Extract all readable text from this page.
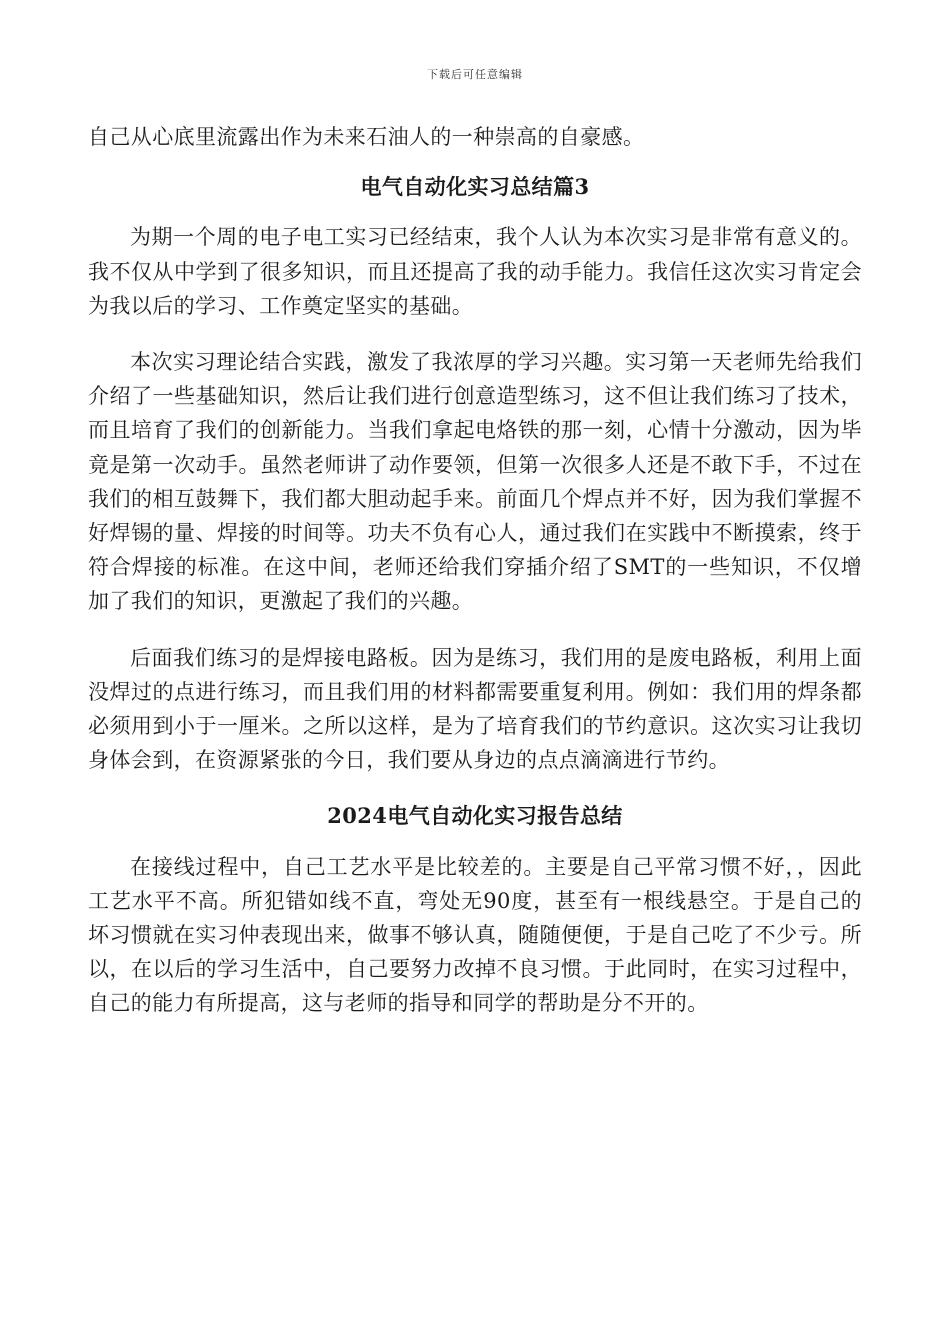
下载后可任意编辑

自己从心底里流露出作为未来石油人的一种崇高的自豪感。

电气自动化实习总结篇3

为期一个周的电子电工实习已经结束，我个人认为本次实习是非常有意义的。我不仅从中学到了很多知识，而且还提高了我的动手能力。我信任这次实习肯定会为我以后的学习、工作奠定坚实的基础。

本次实习理论结合实践，激发了我浓厚的学习兴趣。实习第一天老师先给我们介绍了一些基础知识，然后让我们进行创意造型练习，这不但让我们练习了技术，而且培育了我们的创新能力。当我们拿起电烙铁的那一刻，心情十分激动，因为毕竟是第一次动手。虽然老师讲了动作要领，但第一次很多人还是不敢下手，不过在我们的相互鼓舞下，我们都大胆动起手来。前面几个焊点并不好，因为我们掌握不好焊锡的量、焊接的时间等。功夫不负有心人，通过我们在实践中不断摸索，终于符合焊接的标准。在这中间，老师还给我们穿插介绍了SMT的一些知识，不仅增加了我们的知识，更激起了我们的兴趣。

后面我们练习的是焊接电路板。因为是练习，我们用的是废电路板，利用上面没焊过的点进行练习，而且我们用的材料都需要重复利用。例如：我们用的焊条都必须用到小于一厘米。之所以这样，是为了培育我们的节约意识。这次实习让我切身体会到，在资源紧张的今日，我们要从身边的点点滴滴进行节约。

2024电气自动化实习报告总结

在接线过程中，自己工艺水平是比较差的。主要是自己平常习惯不好，，因此工艺水平不高。所犯错如线不直，弯处无90度，甚至有一根线悬空。于是自己的坏习惯就在实习仲表现出来，做事不够认真，随随便便，于是自己吃了不少亏。所以，在以后的学习生活中，自己要努力改掉不良习惯。于此同时，在实习过程中，自己的能力有所提高，这与老师的指导和同学的帮助是分不开的。
